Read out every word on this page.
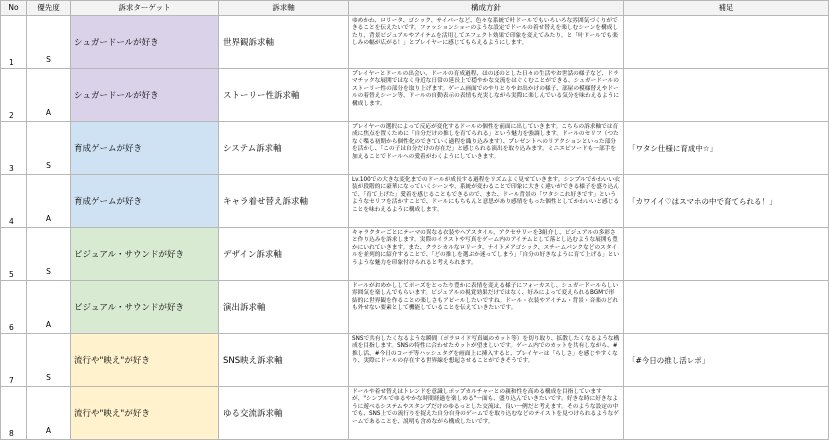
No	優先度	訴求ターゲット	訴求軸	構成方針	補足
1	S	シュガードールが好き	世界観訴求軸	ゆめかわ、ロリータ、ゴシック、サイバーなど、色々な系統で叶ドールでもいろいろな雰囲気づくりができることを伝えたいです。ファッションショーのような設定でドールの着せ替えを楽しむシーンを構成したり、背景ビジュアルやアイテムを活用してエフェクト効果で印象を変えてみたり。と「叶ドールでも楽しみの幅が広がる！」とプレイヤーに感じてもらえるようにします。	
2	A	シュガードールが好き	ストーリー性訴求軸	プレイヤーとドールの出会い、ドールの育成過程、ほのぼのとした日々の生活やお世話の様子など、ドラマチックな展開ではなく身近な日常の延長上で穏やかな交流をはぐくむことができる、シュガードールのストーリー性の部分を取り上げます。ゲーム画面でのやりとりやお出かけの様子、部屋の模様替えやドールの着替えシーン等、ドールの自動表示の表情も充実しながら実際に楽しんでいる気分を味わえるように構成します。	
3	S	育成ゲームが好き	システム訴求軸	プレイヤーの選択によって反応が変化するドールの個性を前面に出していきます。こちらの訴求軸では育成に焦点を置くために「自分だけの推しを育てられる」という魅力を強調します。ドールのセリフ（つたなく喋る初期から個性化のできていく過程を織り込みます）、プレゼントへのリアクションといった部分を活かし、「この子は自分だけの存在だ」と感じられる演出を取り込みます。ミニエピソードも一部手を加えることでドールへの愛着がわくようにしていきます。	「ワタシ仕様に育成中☆」
4	A	育成ゲームが好き	キャラ着せ替え訴求軸	Lv.100での大きな変化までのドールが成長する過程をリズムよく見せていきます。シンプルでかわいい衣装が段階的に豪華になっていくシーンや、系統が変わることで印象に大きく違いができる様子を盛り込んで、「育て上げた」愛着を感じることもできるので、また、ドール背景の「ワタシこれ好きです」というようなセリフを活かすことで、ドールにもちもんと意思があり感情をもった個性としてかわいいと感じることを味わえるように構成します。	「カワイイ♡はスマホの中で育てられる！」
5	S	ビジュアル・サウンドが好き	デザイン訴求軸	キャラクターごとにテーマの異なる衣装やヘアスタイル、アクセサリーを3組介し、ビジュアルの多彩さと作り込みを訴求します。実際のイラストや写真をゲーム内のアイテムとして落とし込むような展開も豊かにいれていきます。また、クラシカルなロリータ、ナイトメアゴシック、スチームパンクなどのスタイルを並列的に紹介することで、「どの推しを選ぶか迷ってしまう」「自分の好きなように育て上げる」というような魅力を印象付けられると考えられます。	
6	A	ビジュアル・サウンドが好き	演出訴求軸	ドールがおめかししてポーズをとったり豊かに表情を変える様子にフォーカスし、シュガードールらしい雰囲気を楽しんでもらいます。ビジュアルの視覚効果だけではなく、好みによって変えられるBGMで形結的に世界観を作ることの楽しさもアピールしたいですね。ドール・衣装やアイテム・背景・音楽のどれも外せない要素として機能していることを伝えていきたいです。	
7	S	流行や"映え"が好き	SNS映え訴求軸	SNSで共有したくなるような瞬間（ポラロイド写真風のカット等）を切り取り、拡散したくなるような構成を目指します。SNSの特性に合わせたカットが望ましいです。ゲーム内でのカットを共有しながら、#推し活、#今日のコーデ等ハッシュタグを画面上に挿入すると、プレイヤーは「らしさ」を感じやすくなり、実際にドールの存在する世界線を想起させることができそうです。	「#今日の推し活レポ」
8	A	流行や"映え"が好き	ゆる交流訴求軸	ドールや着せ替えはトレンドを意識しポップカルチャーとの親和性を高める構成を目指していますが、"シンプルでゆるやかな時間経過を楽しめる"一面も、盛り込んでいきたいです。好きな時に好きなように遊べるシステムやスタンプだけのゆるっとした交流は、良い一例だと考えます。そのような設定の中でも、SNS上での流行りを捉えた自分自身のゲームでを取り込むなどのテイストを見つけられるようなゲームであることを、説明も含めながら構成したいです。	
